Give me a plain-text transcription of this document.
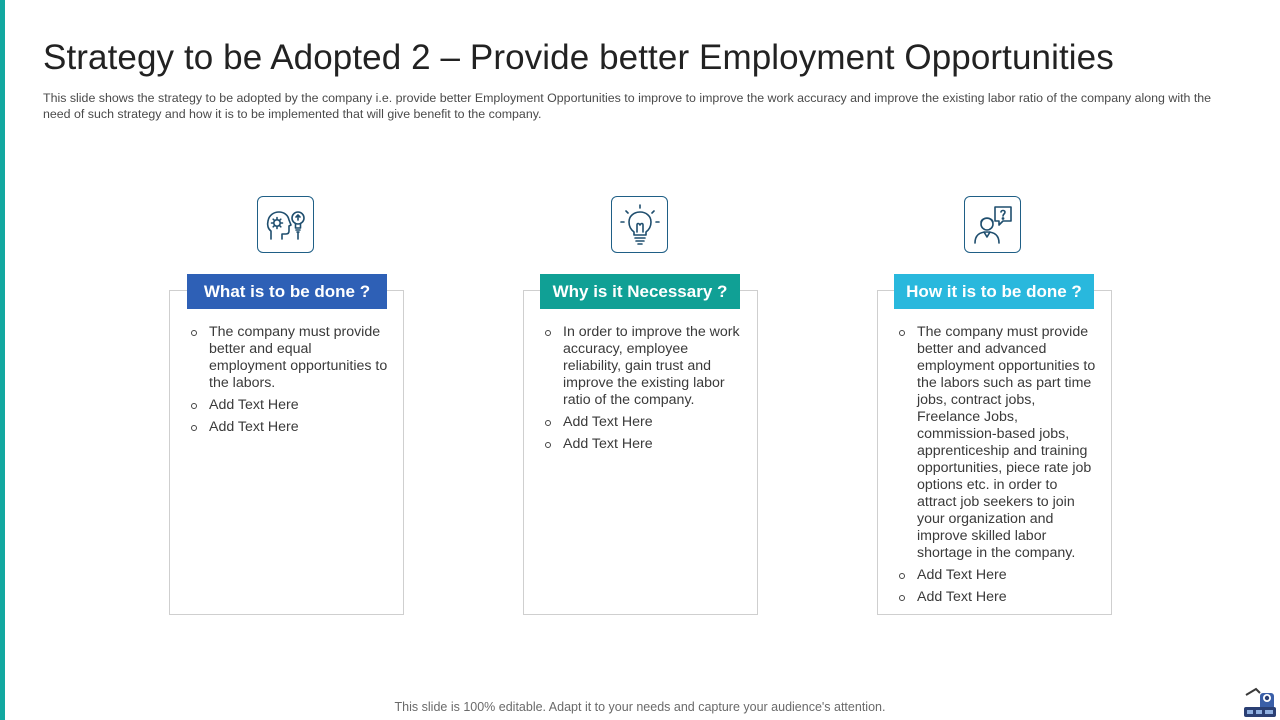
Strategy to be Adopted 2 – Provide better Employment Opportunities

This slide shows the strategy to be adopted by the company i.e. provide better Employment Opportunities to improve to improve the work accuracy and improve the existing labor ratio of the company along with the need of such strategy and how it is to be implemented that will give benefit to the company.

The company must provide better and equal employment opportunities to the labors.
Add Text Here
Add Text Here
What is to be done ?
In order to improve the work accuracy, employee reliability, gain trust and improve the existing labor ratio of the company.
Add Text Here
Add Text Here
Why is it Necessary ?
The company must provide better and advanced employment opportunities to the labors such as part time jobs, contract jobs, Freelance Jobs, commission-based jobs, apprenticeship and training opportunities, piece rate job options etc. in order to attract job seekers to join your organization and improve skilled labor shortage in the company.
Add Text Here
Add Text Here
How it is to be done ?
This slide is 100% editable. Adapt it to your needs and capture your audience's attention.
